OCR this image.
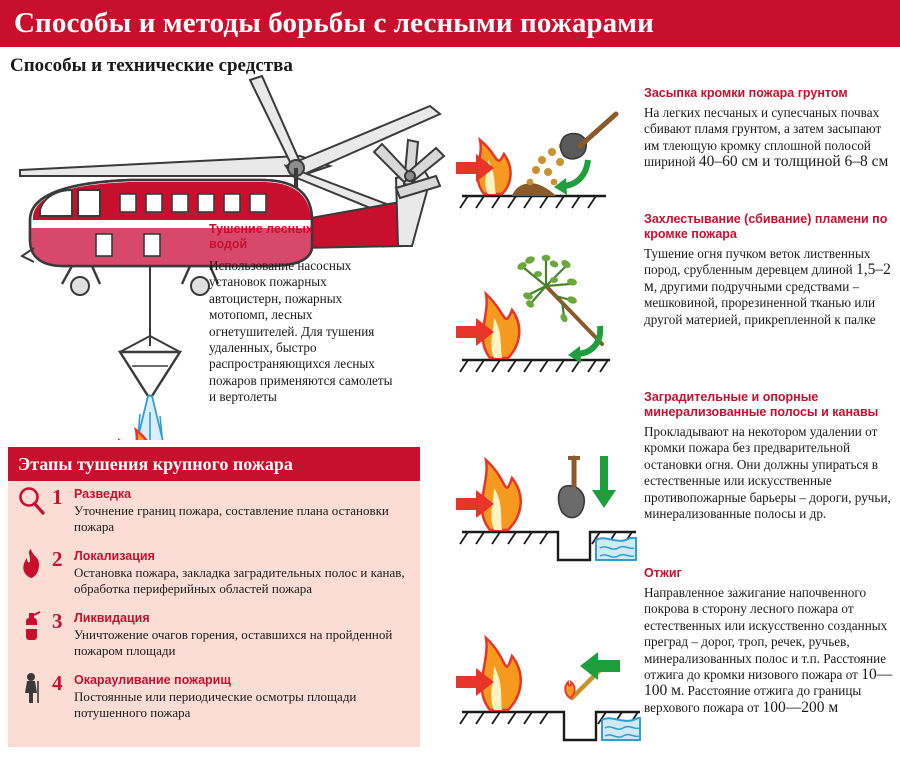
Способы и методы борьбы с лесными пожарами
Способы и технические средства
Тушение лесных пожаров водой
Использование насосных установок пожарных автоцистерн, пожарных мотопомп, лесных огнетушителей. Для тушения удаленных, быстро распространяющихся лесных пожаров применяются самолеты и вертолеты
Этапы тушения крупного пожара
1 Разведка
Уточнение границ пожара, составление плана остановки пожара
2 Локализация
Остановка пожара, закладка заградительных полос и канав, обработка периферийных областей пожара
3 Ликвидация
Уничтожение очагов горения, оставшихся на пройденной пожаром площади
4 Окарауливание пожарищ
Постоянные или периодические осмотры площади потушенного пожара
Засыпка кромки пожара грунтом
На легких песчаных и супесчаных почвах сбивают пламя грунтом, а затем засыпают им тлеющую кромку сплошной полосой шириной 40–60 см и толщиной 6–8 см
Захлестывание (сбивание) пламени по кромке пожара
Тушение огня пучком веток лиственных пород, срубленным деревцем длиной 1,5–2 м, другими подручными средствами – мешковиной, прорезиненной тканью или другой материей, прикрепленной к палке
Заградительные и опорные минерализованные полосы и канавы
Прокладывают на некотором удалении от кромки пожара без предварительной остановки огня. Они должны упираться в естественные или искусственные противопожарные барьеры – дороги, ручьи, минерализованные полосы и др.
Отжиг
Направленное зажигание напочвенного покрова в сторону лесного пожара от естественных или искусственно созданных преград – дорог, троп, речек, ручьев, минерализованных полос и т.п. Расстояние отжига до кромки низового пожара от 10—100 м. Расстояние отжига до границы верхового пожара от 100—200 м
